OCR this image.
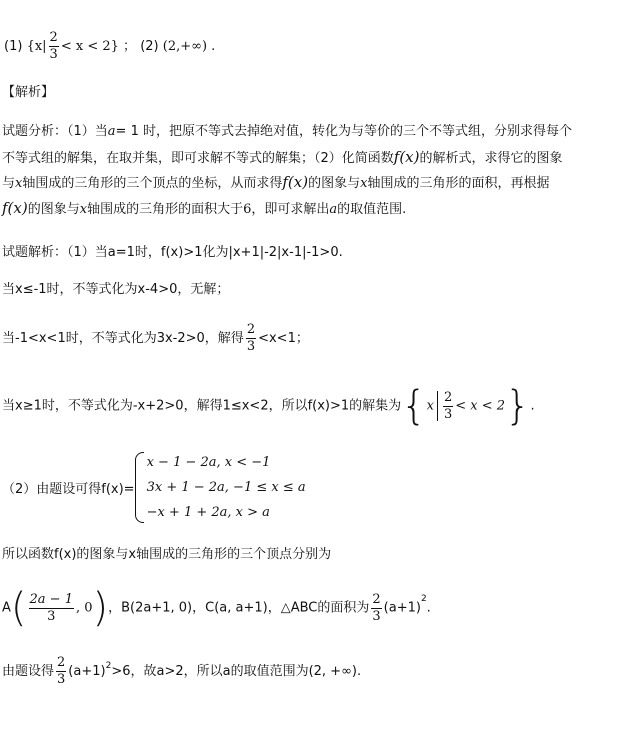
(1) $\{x| \frac{2}{3} < x < 2\}$ ； (2) (2,+∞) .
【解析】
试题分析：（1）当a= 1 时，把原不等式去掉绝对值，转化为与等价的三个不等式组，分别求得每个
不等式组的解集，在取并集，即可求解不等式的解集；（2）化简函数f(x)的解析式，求得它的图象
与x轴围成的三角形的三个顶点的坐标，从而求得f(x)的图象与x轴围成的三角形的面积，再根据
f(x)的图象与x轴围成的三角形的面积大于6，即可求解出a的取值范围.
试题解析：（1）当a=1时，f(x)>1化为|x+1|-2|x-1|-1>0.
当x≤-1时，不等式化为x-4>0，无解；
当-1<x<1时，不等式化为3x-2>0，解得 $\frac{2}{3} <x<1$；
当x≥1时，不等式化为-x+2>0，解得1≤x<2，所以f(x)>1的解集为$\{x \frac{2}{3} < x < 2\}$.
（2）由题设可得f(x)=
x − 1 − 2a, x < −1
3x + 1 − 2a, −1 ≤ x ≤ a
−x + 1 + 2a, x > a
所以函数f(x)的图象与x轴围成的三角形的三个顶点分别为
$A( \frac{2a - 1}{3}$ , 0)，B(2a+1, 0)，C(a, a+1)，△ABC的面积为 $\frac{2}{3} (a+1)^2$.
由题设得 $\frac{2}{3} (a+1)^2>6$，故a>2，所以a的取值范围为(2, +∞).
